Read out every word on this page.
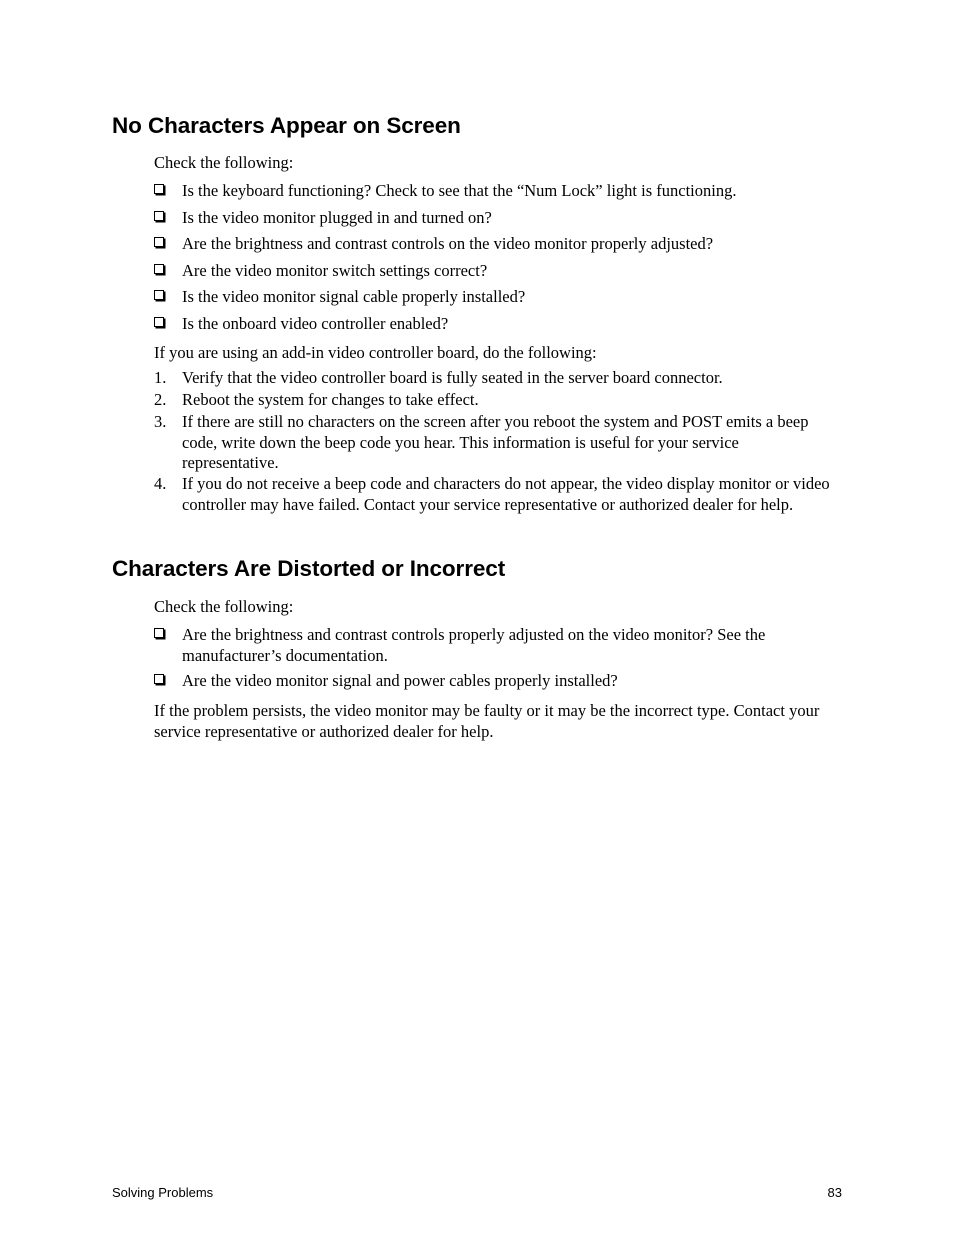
No Characters Appear on Screen

Check the following:

Is the keyboard functioning? Check to see that the “Num Lock” light is functioning.
Is the video monitor plugged in and turned on?
Are the brightness and contrast controls on the video monitor properly adjusted?
Are the video monitor switch settings correct?
Is the video monitor signal cable properly installed?
Is the onboard video controller enabled?

If you are using an add-in video controller board, do the following:

1. Verify that the video controller board is fully seated in the server board connector.
2. Reboot the system for changes to take effect.
3. If there are still no characters on the screen after you reboot the system and POST emits a beep code, write down the beep code you hear. This information is useful for your service representative.
4. If you do not receive a beep code and characters do not appear, the video display monitor or video controller may have failed. Contact your service representative or authorized dealer for help.
Characters Are Distorted or Incorrect

Check the following:

Are the brightness and contrast controls properly adjusted on the video monitor? See the manufacturer’s documentation.
Are the video monitor signal and power cables properly installed?

If the problem persists, the video monitor may be faulty or it may be the incorrect type. Contact your service representative or authorized dealer for help.

Solving Problems	83
